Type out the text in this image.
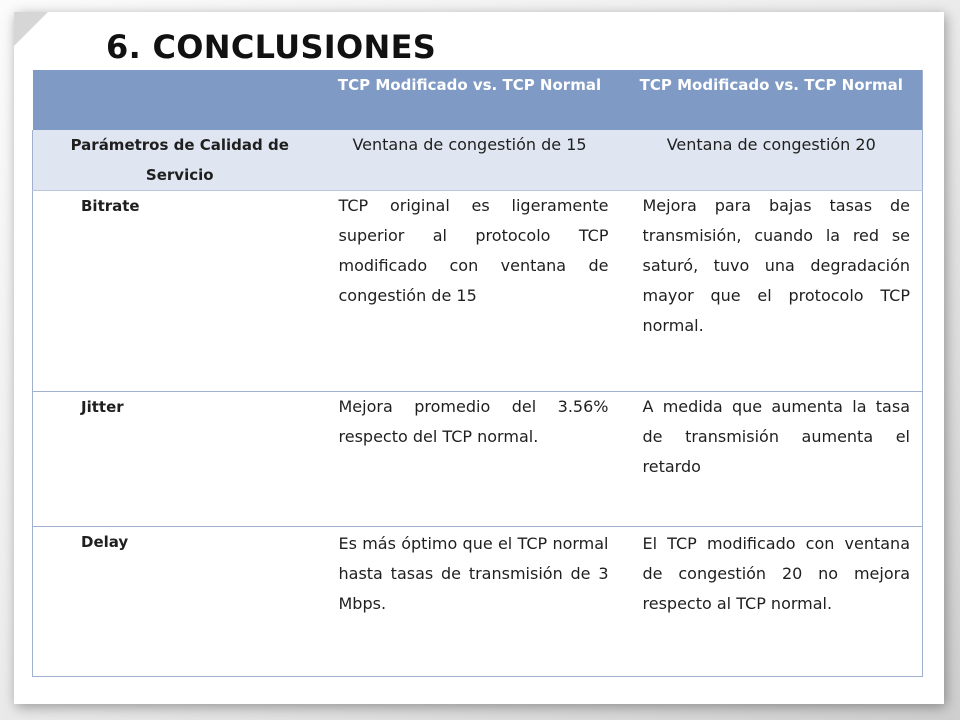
6. CONCLUSIONES
	TCP Modificado vs. TCP Normal	TCP Modificado vs. TCP Normal
Parámetros de Calidad de Servicio	Ventana de congestión de 15	Ventana de congestión 20
Bitrate	TCP original es ligeramente superior al protocolo TCP modificado con ventana de congestión de 15	Mejora para bajas tasas de transmisión, cuando la red se saturó, tuvo una degradación mayor que el protocolo TCP normal.
Jitter	Mejora promedio del 3.56% respecto del TCP normal.	A medida que aumenta la tasa de transmisión aumenta el retardo
Delay	Es más óptimo que el TCP normal hasta tasas de transmisión de 3 Mbps.	El TCP modificado con ventana de congestión 20 no mejora respecto al TCP normal.
